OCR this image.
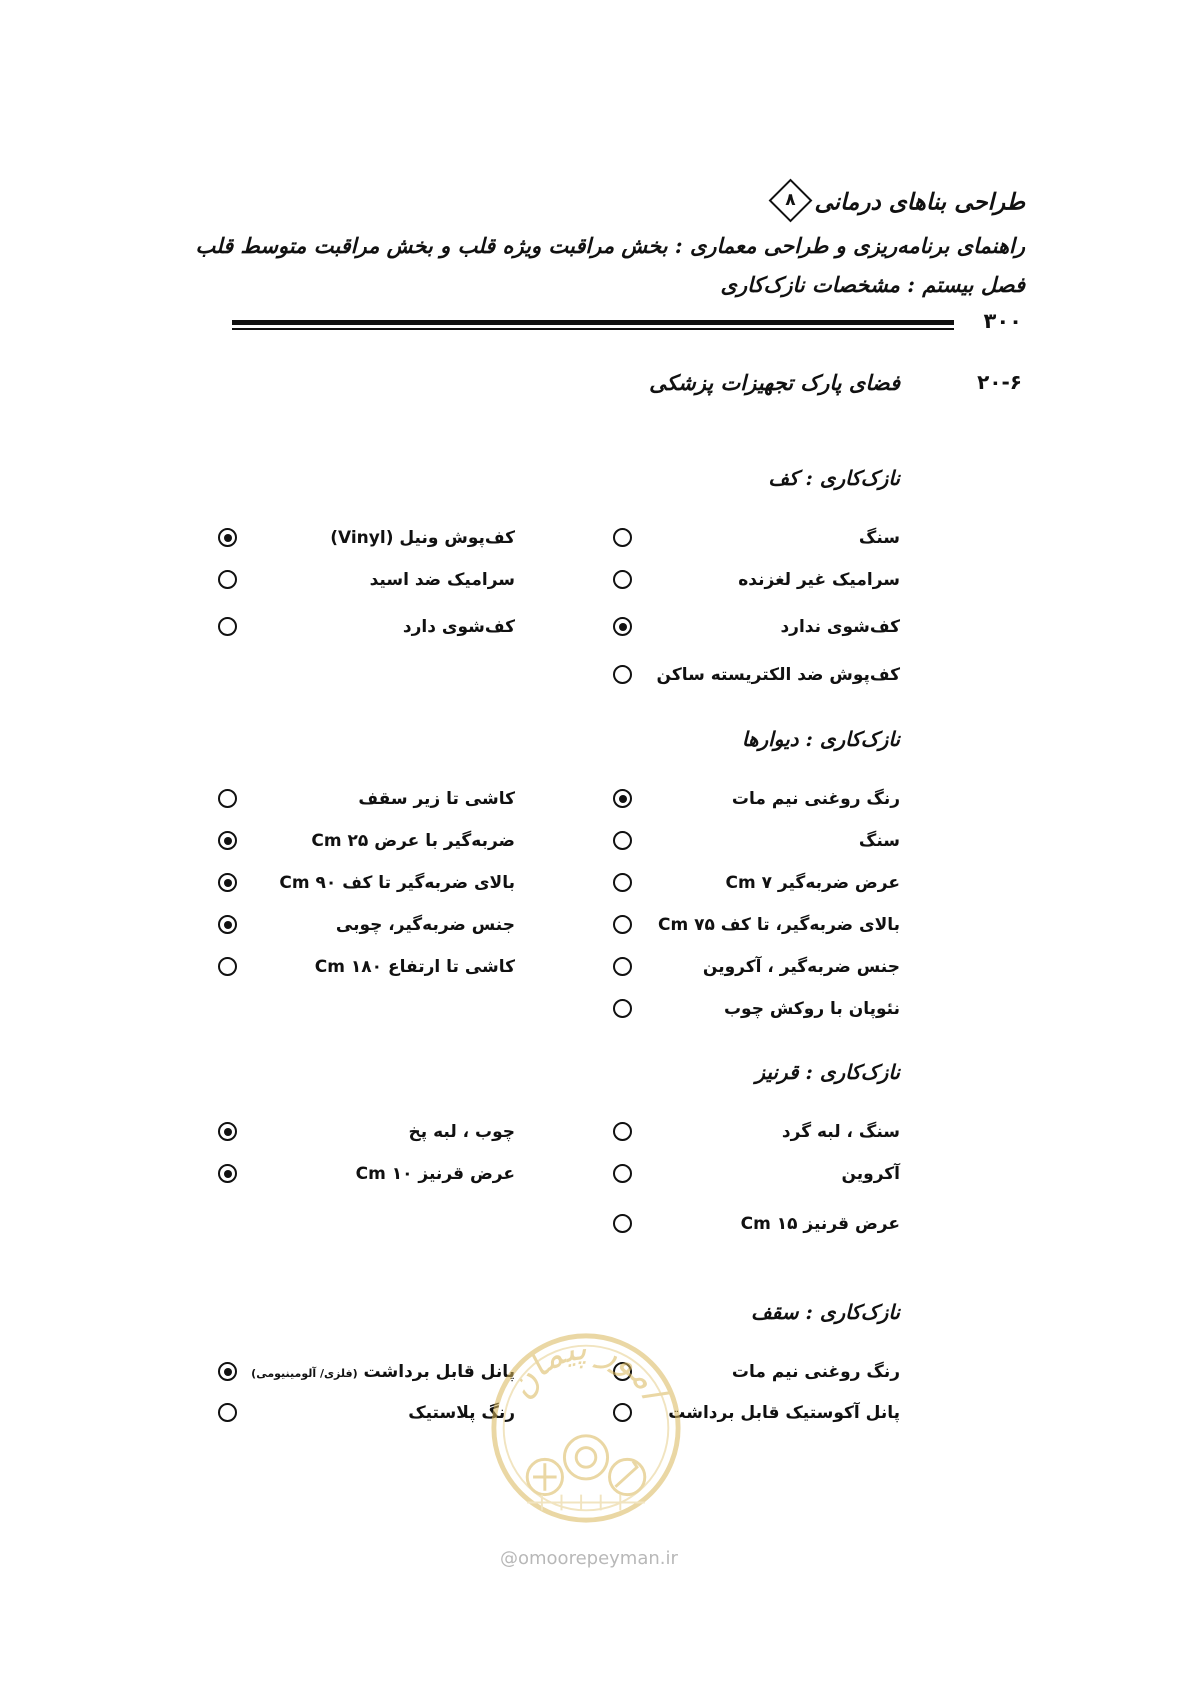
طراحی بناهای درمانی
۸
راهنمای برنامه‌ریزی و طراحی معماری : بخش مراقبت ویژه قلب و بخش مراقبت متوسط قلب
فصل بیستم : مشخصات نازک‌کاری
۳۰۰
۲۰-۶
فضای پارک تجهیزات پزشکی
نازک‌کاری : کف
سنگ
سرامیک غیر لغزنده
کف‌شوی ندارد
کف‌پوش ضد الکتریسته ساکن
کف‌پوش ونیل (Vinyl)
سرامیک ضد اسید
کف‌شوی دارد
نازک‌کاری : دیوارها
رنگ روغنی نیم مات
سنگ
عرض ضربه‌گیر ۷ Cm
بالای ضربه‌گیر، تا کف ۷۵ Cm
جنس ضربه‌گیر ، آکروین
نئوپان با روکش چوب
کاشی تا زیر سقف
ضربه‌گیر با عرض ۲۵ Cm
بالای ضربه‌گیر تا کف ۹۰ Cm
جنس ضربه‌گیر، چوبی
کاشی تا ارتفاع ۱۸۰ Cm
نازک‌کاری : قرنیز
سنگ ، لبه گرد
آکروین
عرض قرنیز ۱۵ Cm
چوب ، لبه پخ
عرض قرنیز ۱۰ Cm
نازک‌کاری : سقف
رنگ روغنی نیم مات
پانل آکوستیک قابل برداشت
پانل قابل برداشت (فلزی/ آلومینیومی)
رنگ پلاستیک
امور پیمان
@omoorepeyman.ir
